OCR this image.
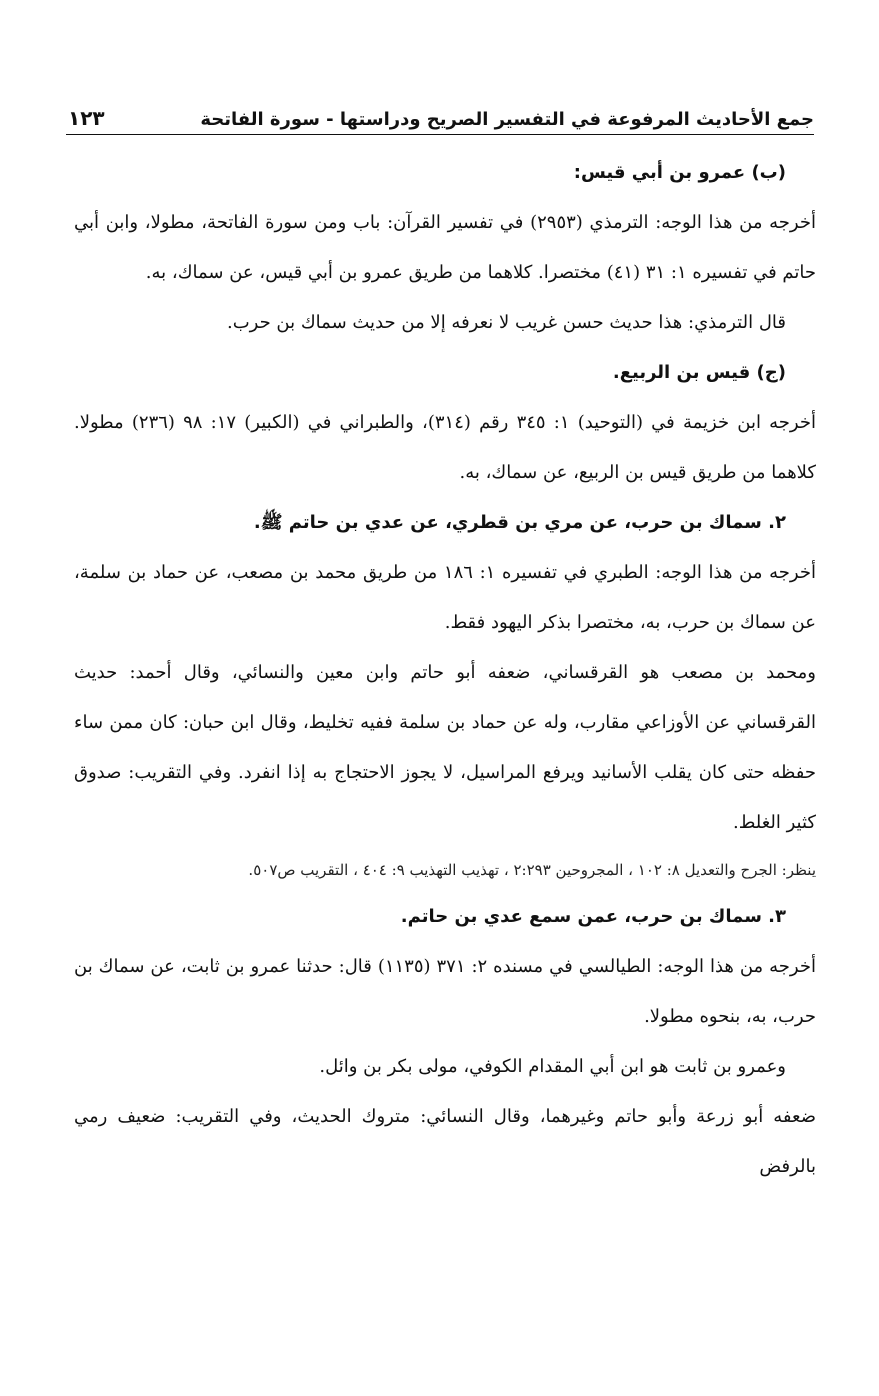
جمع الأحاديث المرفوعة في التفسير الصريح ودراستها - سورة الفاتحة
١٢٣

(ب) عمرو بن أبي قيس:

أخرجه من هذا الوجه: الترمذي (٢٩٥٣) في تفسير القرآن: باب ومن سورة الفاتحة، مطولا، وابن أبي حاتم في تفسيره ١: ٣١ (٤١) مختصرا. كلاهما من طريق عمرو بن أبي قيس، عن سماك، به.

قال الترمذي: هذا حديث حسن غريب لا نعرفه إلا من حديث سماك بن حرب.

(ج) قيس بن الربيع.

أخرجه ابن خزيمة في (التوحيد) ١: ٣٤٥ رقم (٣١٤)، والطبراني في (الكبير) ١٧: ٩٨ (٢٣٦) مطولا. كلاهما من طريق قيس بن الربيع، عن سماك، به.

٢. سماك بن حرب، عن مري بن قطري، عن عدي بن حاتم ﷺ.

أخرجه من هذا الوجه: الطبري في تفسيره ١: ١٨٦ من طريق محمد بن مصعب، عن حماد بن سلمة، عن سماك بن حرب، به، مختصرا بذكر اليهود فقط.

ومحمد بن مصعب هو القرقساني، ضعفه أبو حاتم وابن معين والنسائي، وقال أحمد: حديث القرقساني عن الأوزاعي مقارب، وله عن حماد بن سلمة ففيه تخليط، وقال ابن حبان: كان ممن ساء حفظه حتى كان يقلب الأسانيد ويرفع المراسيل، لا يجوز الاحتجاج به إذا انفرد. وفي التقريب: صدوق كثير الغلط.

ينظر: الجرح والتعديل ٨: ١٠٢ ، المجروحين ٢:٢٩٣ ، تهذيب التهذيب ٩: ٤٠٤ ، التقريب ص٥٠٧.

٣. سماك بن حرب، عمن سمع عدي بن حاتم.

أخرجه من هذا الوجه: الطيالسي في مسنده ٢: ٣٧١ (١١٣٥) قال: حدثنا عمرو بن ثابت، عن سماك بن حرب، به، بنحوه مطولا.

وعمرو بن ثابت هو ابن أبي المقدام الكوفي، مولى بكر بن وائل.

ضعفه أبو زرعة وأبو حاتم وغيرهما، وقال النسائي: متروك الحديث، وفي التقريب: ضعيف رمي بالرفض
